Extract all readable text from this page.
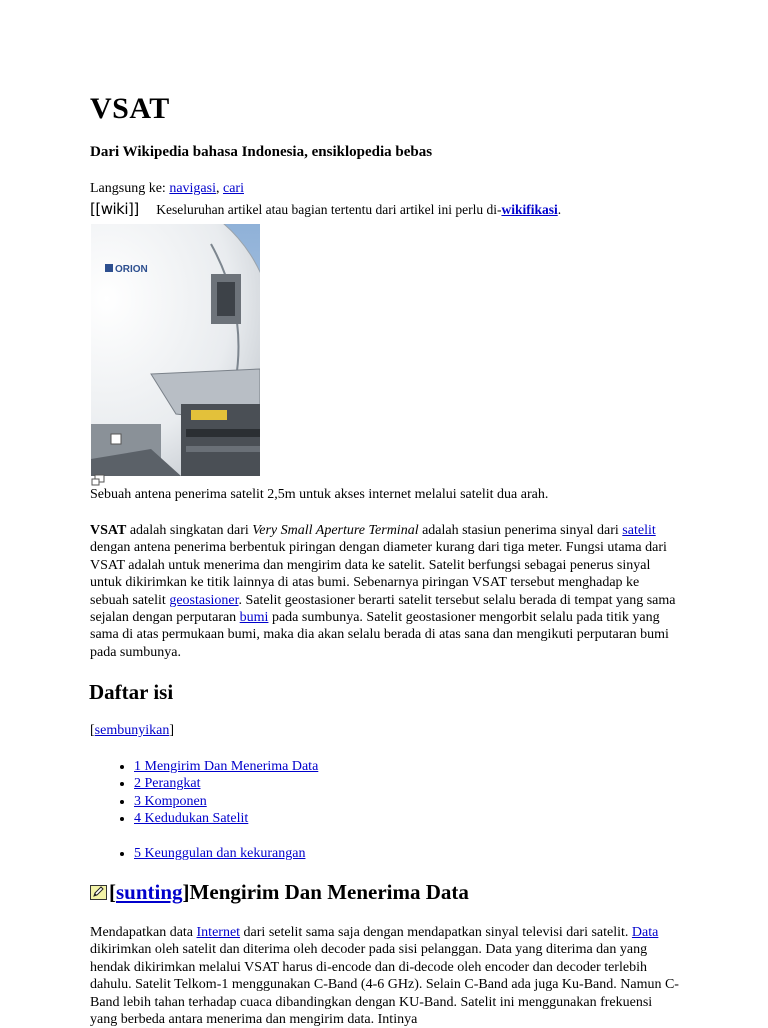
VSAT

Dari Wikipedia bahasa Indonesia, ensiklopedia bebas

Langsung ke: navigasi, cari
[[wiki]] Keseluruhan artikel atau bagian tertentu dari artikel ini perlu di-wikifikasi.
ORION
Sebuah antena penerima satelit 2,5m untuk akses internet melalui satelit dua arah.

VSAT adalah singkatan dari Very Small Aperture Terminal adalah stasiun penerima sinyal dari satelit dengan antena penerima berbentuk piringan dengan diameter kurang dari tiga meter. Fungsi utama dari VSAT adalah untuk menerima dan mengirim data ke satelit. Satelit berfungsi sebagai penerus sinyal untuk dikirimkan ke titik lainnya di atas bumi. Sebenarnya piringan VSAT tersebut menghadap ke sebuah satelit geostasioner. Satelit geostasioner berarti satelit tersebut selalu berada di tempat yang sama sejalan dengan perputaran bumi pada sumbunya. Satelit geostasioner mengorbit selalu pada titik yang sama di atas permukaan bumi, maka dia akan selalu berada di atas sana dan mengikuti perputaran bumi pada sumbunya.

Daftar isi
[sembunyikan]
• 1 Mengirim Dan Menerima Data
• 2 Perangkat
• 3 Komponen
• 4 Kedudukan Satelit
• 5 Keunggulan dan kekurangan
[ sunting ] Mengirim Dan Menerima Data

Mendapatkan data Internet dari setelit sama saja dengan mendapatkan sinyal televisi dari satelit. Data dikirimkan oleh satelit dan diterima oleh decoder pada sisi pelanggan. Data yang diterima dan yang hendak dikirimkan melalui VSAT harus di-encode dan di-decode oleh encoder dan decoder terlebih dahulu. Satelit Telkom-1 menggunakan C-Band (4-6 GHz). Selain C-Band ada juga Ku-Band. Namun C-Band lebih tahan terhadap cuaca dibandingkan dengan KU-Band. Satelit ini menggunakan frekuensi yang berbeda antara menerima dan mengirim data. Intinya
